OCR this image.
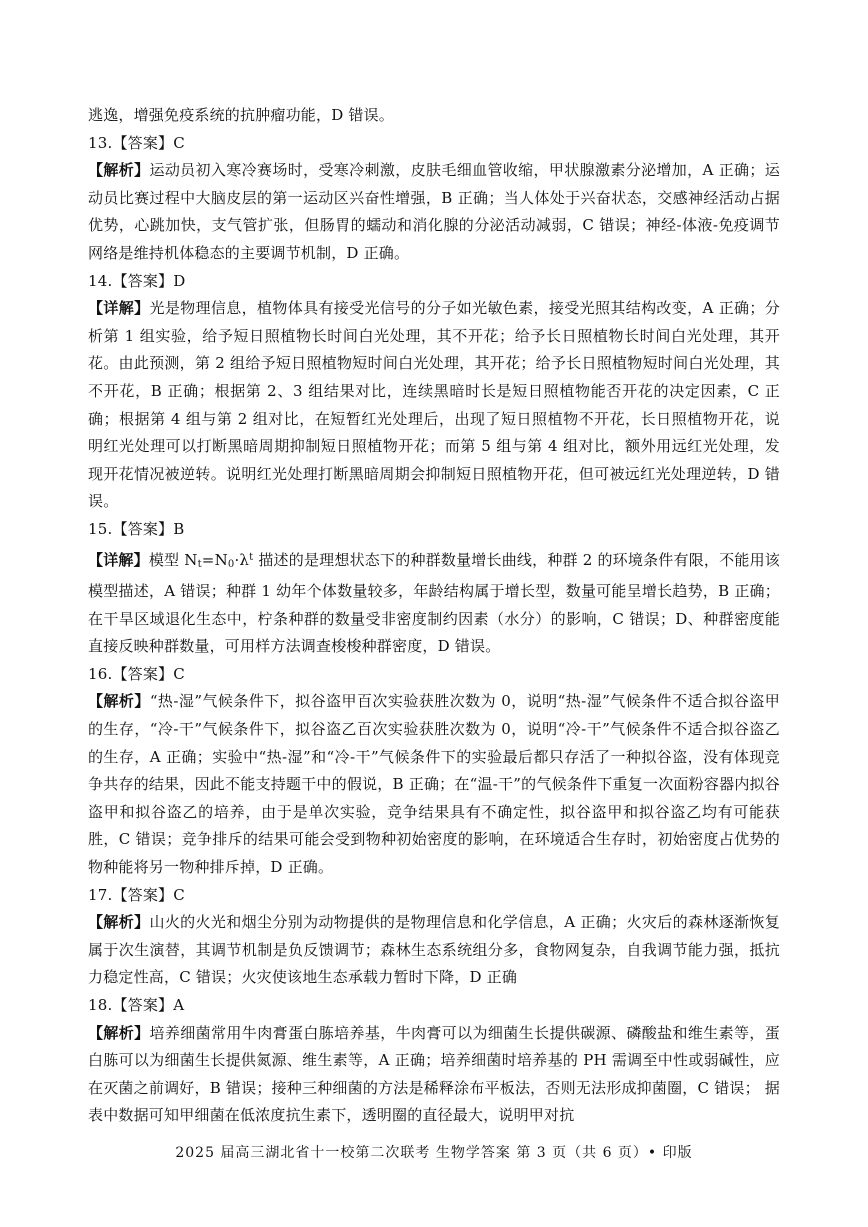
逃逸，增强免疫系统的抗肿瘤功能，D 错误。

13.【答案】C

【解析】运动员初入寒冷赛场时，受寒冷刺激，皮肤毛细血管收缩，甲状腺激素分泌增加，A 正确；运动员比赛过程中大脑皮层的第一运动区兴奋性增强，B 正确；当人体处于兴奋状态，交感神经活动占据优势，心跳加快，支气管扩张，但肠胃的蠕动和消化腺的分泌活动减弱，C 错误；神经-体液-免疫调节网络是维持机体稳态的主要调节机制，D 正确。

14.【答案】D

【详解】光是物理信息，植物体具有接受光信号的分子如光敏色素，接受光照其结构改变，A 正确；分析第 1 组实验，给予短日照植物长时间白光处理，其不开花；给予长日照植物长时间白光处理，其开花。由此预测，第 2 组给予短日照植物短时间白光处理，其开花；给予长日照植物短时间白光处理，其不开花，B 正确；根据第 2、3 组结果对比，连续黑暗时长是短日照植物能否开花的决定因素，C 正确；根据第 4 组与第 2 组对比，在短暂红光处理后，出现了短日照植物不开花，长日照植物开花，说明红光处理可以打断黑暗周期抑制短日照植物开花；而第 5 组与第 4 组对比，额外用远红光处理，发现开花情况被逆转。说明红光处理打断黑暗周期会抑制短日照植物开花，但可被远红光处理逆转，D 错误。

15.【答案】B

【详解】模型 $N_t=N_0\cdot\lambda^t$ 描述的是理想状态下的种群数量增长曲线，种群 2 的环境条件有限，不能用该模型描述，A 错误；种群 1 幼年个体数量较多，年龄结构属于增长型，数量可能呈增长趋势，B 正确；在干旱区域退化生态中，柠条种群的数量受非密度制约因素（水分）的影响，C 错误；D、种群密度能直接反映种群数量，可用样方法调查梭梭种群密度，D 错误。

16.【答案】C

【解析】“热-湿”气候条件下，拟谷盗甲百次实验获胜次数为 0，说明“热-湿”气候条件不适合拟谷盗甲的生存，“冷-干”气候条件下，拟谷盗乙百次实验获胜次数为 0，说明“冷-干”气候条件不适合拟谷盗乙的生存，A 正确；实验中“热-湿”和“冷-干”气候条件下的实验最后都只存活了一种拟谷盗，没有体现竞争共存的结果，因此不能支持题干中的假说，B 正确；在“温-干”的气候条件下重复一次面粉容器内拟谷盗甲和拟谷盗乙的培养，由于是单次实验，竞争结果具有不确定性，拟谷盗甲和拟谷盗乙均有可能获胜，C 错误；竞争排斥的结果可能会受到物种初始密度的影响，在环境适合生存时，初始密度占优势的物种能将另一物种排斥掉，D 正确。

17.【答案】C

【解析】山火的火光和烟尘分别为动物提供的是物理信息和化学信息，A 正确；火灾后的森林逐渐恢复属于次生演替，其调节机制是负反馈调节；森林生态系统组分多，食物网复杂，自我调节能力强，抵抗力稳定性高，C 错误；火灾使该地生态承载力暂时下降，D 正确

18.【答案】A

【解析】培养细菌常用牛肉膏蛋白胨培养基，牛肉膏可以为细菌生长提供碳源、磷酸盐和维生素等，蛋白胨可以为细菌生长提供氮源、维生素等，A 正确；培养细菌时培养基的 PH 需调至中性或弱碱性，应在灭菌之前调好，B 错误；接种三种细菌的方法是稀释涂布平板法，否则无法形成抑菌圈，C 错误； 据表中数据可知甲细菌在低浓度抗生素下，透明圈的直径最大，说明甲对抗

2025 届高三湖北省十一校第二次联考 生物学答案 第 3 页（共 6 页）• 印版
